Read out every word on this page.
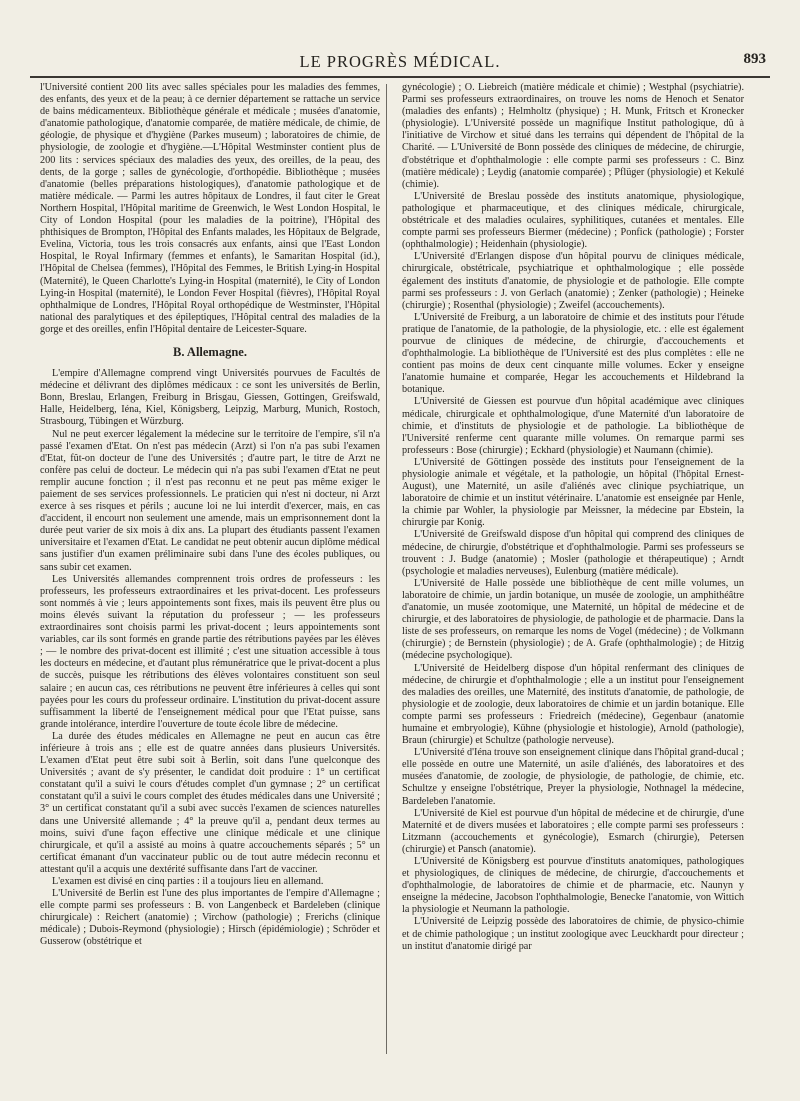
LE PROGRÈS MÉDICAL.	893

l'Université contient 200 lits avec salles spéciales pour les maladies des femmes, des enfants, des yeux et de la peau; à ce dernier département se rattache un service de bains médicamenteux. Bibliothèque générale et médicale ; musées d'anatomie, d'anatomie pathologique, d'anatomie comparée, de matière médicale, de chimie, de géologie, de physique et d'hygiène (Parkes museum) ; laboratoires de chimie, de physiologie, de zoologie et d'hygiène.—L'Hôpital Westminster contient plus de 200 lits : services spéciaux des maladies des yeux, des oreilles, de la peau, des dents, de la gorge ; salles de gynécologie, d'orthopédie. Bibliothèque ; musées d'anatomie (belles préparations histologiques), d'anatomie pathologique et de matière médicale. — Parmi les autres hôpitaux de Londres, il faut citer le Great Northern Hospital, l'Hôpital maritime de Greenwich, le West London Hospital, le City of London Hospital (pour les maladies de la poitrine), l'Hôpital des phthisiques de Brompton, l'Hôpital des Enfants malades, les Hôpitaux de Belgrade, Evelina, Victoria, tous les trois consacrés aux enfants, ainsi que l'East London Hospital, le Royal Infirmary (femmes et enfants), le Samaritan Hospital (id.), l'Hôpital de Chelsea (femmes), l'Hôpital des Femmes, le British Lying-in Hospital (Maternité), le Queen Charlotte's Lying-in Hospital (maternité), le City of London Lying-in Hospital (maternité), le London Fever Hospital (fièvres), l'Hôpital Royal ophthalmique de Londres, l'Hôpital Royal orthopédique de Westminster, l'Hôpital national des paralytiques et des épileptiques, l'Hôpital central des maladies de la gorge et des oreilles, enfin l'Hôpital dentaire de Leicester-Square.

B. Allemagne.

L'empire d'Allemagne comprend vingt Universités pourvues de Facultés de médecine et délivrant des diplômes médicaux : ce sont les universités de Berlin, Bonn, Breslau, Erlangen, Freiburg in Brisgau, Giessen, Gottingen, Greifswald, Halle, Heidelberg, Iéna, Kiel, Königsberg, Leipzig, Marburg, Munich, Rostoch, Strasbourg, Tübingen et Würzburg.

Nul ne peut exercer légalement la médecine sur le territoire de l'empire, s'il n'a passé l'examen d'Etat. On n'est pas médecin (Arzt) si l'on n'a pas subi l'examen d'Etat, fût-on docteur de l'une des Universités ; d'autre part, le titre de Arzt ne confère pas celui de docteur. Le médecin qui n'a pas subi l'examen d'Etat ne peut remplir aucune fonction ; il n'est pas reconnu et ne peut pas même exiger le paiement de ses services professionnels. Le praticien qui n'est ni docteur, ni Arzt exerce à ses risques et périls ; aucune loi ne lui interdit d'exercer, mais, en cas d'accident, il encourt non seulement une amende, mais un emprisonnement dont la durée peut varier de six mois à dix ans. La plupart des étudiants passent l'examen universitaire et l'examen d'Etat. Le candidat ne peut obtenir aucun diplôme médical sans justifier d'un examen préliminaire subi dans l'une des écoles publiques, ou sans subir cet examen.

Les Universités allemandes comprennent trois ordres de professeurs : les professeurs, les professeurs extraordinaires et les privat-docent. Les professeurs sont nommés à vie ; leurs appointements sont fixes, mais ils peuvent être plus ou moins élevés suivant la réputation du professeur ; — les professeurs extraordinaires sont choisis parmi les privat-docent ; leurs appointements sont variables, car ils sont formés en grande partie des rétributions payées par les élèves ; — le nombre des privat-docent est illimité ; c'est une situation accessible à tous les docteurs en médecine, et d'autant plus rémunératrice que le privat-docent a plus de succès, puisque les rétributions des élèves volontaires constituent son seul salaire ; en aucun cas, ces rétributions ne peuvent être inférieures à celles qui sont payées pour les cours du professeur ordinaire. L'institution du privat-docent assure suffisamment la liberté de l'enseignement médical pour que l'Etat puisse, sans grande intolérance, interdire l'ouverture de toute école libre de médecine.

La durée des études médicales en Allemagne ne peut en aucun cas être inférieure à trois ans ; elle est de quatre années dans plusieurs Universités. L'examen d'Etat peut être subi soit à Berlin, soit dans l'une quelconque des Universités ; avant de s'y présenter, le candidat doit produire : 1° un certificat constatant qu'il a suivi le cours d'études complet d'un gymnase ; 2° un certificat constatant qu'il a suivi le cours complet des études médicales dans une Université ; 3° un certificat constatant qu'il a subi avec succès l'examen de sciences naturelles dans une Université allemande ; 4° la preuve qu'il a, pendant deux termes au moins, suivi d'une façon effective une clinique médicale et une clinique chirurgicale, et qu'il a assisté au moins à quatre accouchements séparés ; 5° un certificat émanant d'un vaccinateur public ou de tout autre médecin reconnu et attestant qu'il a acquis une dextérité suffisante dans l'art de vacciner.

L'examen est divisé en cinq parties : il a toujours lieu en allemand.

L'Université de Berlin est l'une des plus importantes de l'empire d'Allemagne ; elle compte parmi ses professeurs : B. von Langenbeck et Bardeleben (clinique chirurgicale) : Reichert (anatomie) ; Virchow (pathologie) ; Frerichs (clinique médicale) ; Dubois-Reymond (physiologie) ; Hirsch (épidémiologie) ; Schröder et Gusserow (obstétrique et

gynécologie) ; O. Liebreich (matière médicale et chimie) ; Westphal (psychiatrie). Parmi ses professeurs extraordinaires, on trouve les noms de Henoch et Senator (maladies des enfants) ; Helmholtz (physique) ; H. Munk, Fritsch et Kronecker (physiologie). L'Université possède un magnifique Institut pathologique, dû à l'initiative de Virchow et situé dans les terrains qui dépendent de l'hôpital de la Charité. — L'Université de Bonn possède des cliniques de médecine, de chirurgie, d'obstétrique et d'ophthalmologie : elle compte parmi ses professeurs : C. Binz (matière médicale) ; Leydig (anatomie comparée) ; Pflüger (physiologie) et Kekulé (chimie).

L'Université de Breslau possède des instituts anatomique, physiologique, pathologique et pharmaceutique, et des cliniques médicale, chirurgicale, obstétricale et des maladies oculaires, syphilitiques, cutanées et mentales. Elle compte parmi ses professeurs Biermer (médecine) ; Ponfick (pathologie) ; Forster (ophthalmologie) ; Heidenhain (physiologie).

L'Université d'Erlangen dispose d'un hôpital pourvu de cliniques médicale, chirurgicale, obstétricale, psychiatrique et ophthalmologique ; elle possède également des instituts d'anatomie, de physiologie et de pathologie. Elle compte parmi ses professeurs : J. von Gerlach (anatomie) ; Zenker (pathologie) ; Heineke (chirurgie) ; Rosenthal (physiologie) ; Zweifel (accouchements).

L'Université de Freiburg, a un laboratoire de chimie et des instituts pour l'étude pratique de l'anatomie, de la pathologie, de la physiologie, etc. : elle est également pourvue de cliniques de médecine, de chirurgie, d'accouchements et d'ophthalmologie. La bibliothèque de l'Université est des plus complètes : elle ne contient pas moins de deux cent cinquante mille volumes. Ecker y enseigne l'anatomie humaine et comparée, Hegar les accouchements et Hildebrand la botanique.

L'Université de Giessen est pourvue d'un hôpital académique avec cliniques médicale, chirurgicale et ophthalmologique, d'une Maternité d'un laboratoire de chimie, et d'instituts de physiologie et de pathologie. La bibliothèque de l'Université renferme cent quarante mille volumes. On remarque parmi ses professeurs : Bose (chirurgie) ; Eckhard (physiologie) et Naumann (chimie).

L'Université de Göttingen possède des instituts pour l'enseignement de la physiologie animale et végétale, et la pathologie, un hôpital (l'hôpital Ernest-August), une Maternité, un asile d'aliénés avec clinique psychiatrique, un laboratoire de chimie et un institut vétérinaire. L'anatomie est enseignée par Henle, la chimie par Wohler, la physiologie par Meissner, la médecine par Ebstein, la chirurgie par Konig.

L'Université de Greifswald dispose d'un hôpital qui comprend des cliniques de médecine, de chirurgie, d'obstétrique et d'ophthalmologie. Parmi ses professeurs se trouvent : J. Budge (anatomie) ; Mosler (pathologie et thérapeutique) ; Arndt (psychologie et maladies nerveuses), Eulenburg (matière médicale).

L'Université de Halle possède une bibliothèque de cent mille volumes, un laboratoire de chimie, un jardin botanique, un musée de zoologie, un amphithéâtre d'anatomie, un musée zootomique, une Maternité, un hôpital de médecine et de chirurgie, et des laboratoires de physiologie, de pathologie et de pharmacie. Dans la liste de ses professeurs, on remarque les noms de Vogel (médecine) ; de Volkmann (chirurgie) ; de Bernstein (physiologie) ; de A. Grafe (ophthalmologie) ; de Hitzig (médecine psychologique).

L'Université de Heidelberg dispose d'un hôpital renfermant des cliniques de médecine, de chirurgie et d'ophthalmologie ; elle a un institut pour l'enseignement des maladies des oreilles, une Maternité, des instituts d'anatomie, de pathologie, de physiologie et de zoologie, deux laboratoires de chimie et un jardin botanique. Elle compte parmi ses professeurs : Friedreich (médecine), Gegenbaur (anatomie humaine et embryologie), Kühne (physiologie et histologie), Arnold (pathologie), Braun (chirurgie) et Schultze (pathologie nerveuse).

L'Université d'Iéna trouve son enseignement clinique dans l'hôpital grand-ducal ; elle possède en outre une Maternité, un asile d'aliénés, des laboratoires et des musées d'anatomie, de zoologie, de physiologie, de pathologie, de chimie, etc. Schultze y enseigne l'obstétrique, Preyer la physiologie, Nothnagel la médecine, Bardeleben l'anatomie.

L'Université de Kiel est pourvue d'un hôpital de médecine et de chirurgie, d'une Maternité et de divers musées et laboratoires ; elle compte parmi ses professeurs : Litzmann (accouchements et gynécologie), Esmarch (chirurgie), Petersen (chirurgie) et Pansch (anatomie).

L'Université de Königsberg est pourvue d'instituts anatomiques, pathologiques et physiologiques, de cliniques de médecine, de chirurgie, d'accouchements et d'ophthalmologie, de laboratoires de chimie et de pharmacie, etc. Naunyn y enseigne la médecine, Jacobson l'ophthalmologie, Benecke l'anatomie, von Wittich la physiologie et Neumann la pathologie.

L'Université de Leipzig possède des laboratoires de chimie, de physico-chimie et de chimie pathologique ; un institut zoologique avec Leuckhardt pour directeur ; un institut d'anatomie dirigé par
